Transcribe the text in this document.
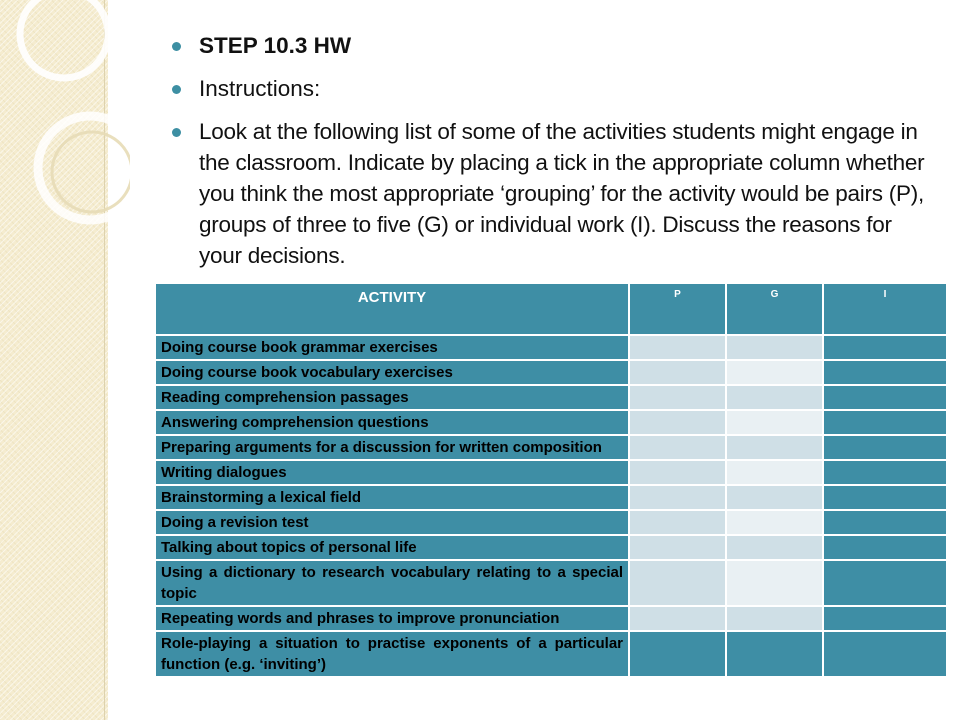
STEP 10.3 HW
Instructions:
Look at the following list of some of the activities students might engage in the classroom. Indicate by placing a tick in the appropriate column whether you think the most appropriate ‘grouping’ for the activity would be pairs (P), groups of three to five (G) or individual work (I). Discuss the reasons for your decisions.
ACTIVITY	P	G	I
Doing course book grammar exercises			
Doing course book vocabulary exercises			
Reading comprehension passages			
Answering comprehension questions			
Preparing arguments for a discussion for written composition			
Writing dialogues			
Brainstorming a lexical field			
Doing a revision test			
Talking about topics of personal life			
Using a dictionary to research vocabulary relating to a special topic			
Repeating words and phrases to improve pronunciation			
Role-playing a situation to practise exponents of a particular function (e.g. ‘inviting’)			
